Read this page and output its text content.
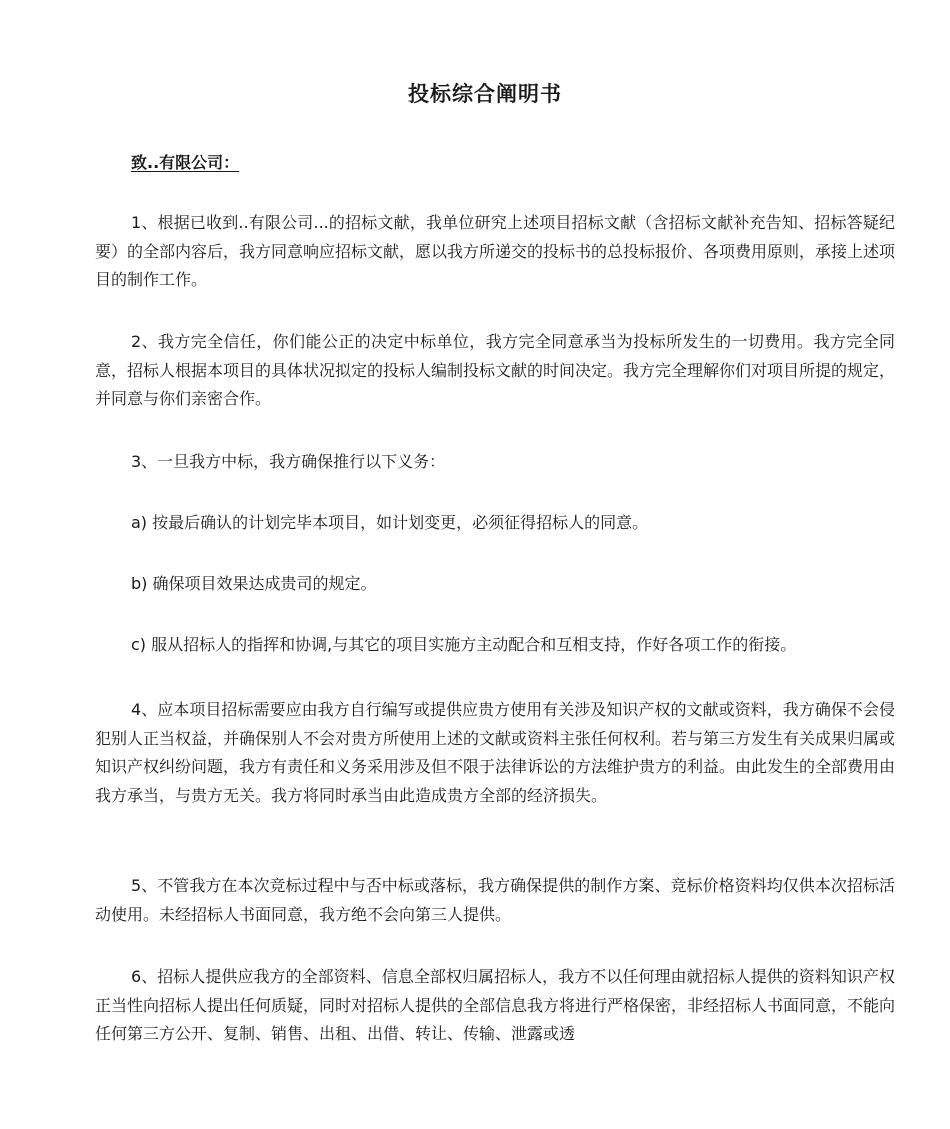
投标综合阐明书
致..有限公司：

1、根据已收到..有限公司...的招标文献，我单位研究上述项目招标文献（含招标文献补充告知、招标答疑纪要）的全部内容后，我方同意响应招标文献，愿以我方所递交的投标书的总投标报价、各项费用原则，承接上述项目的制作工作。

2、我方完全信任，你们能公正的决定中标单位，我方完全同意承当为投标所发生的一切费用。我方完全同意，招标人根据本项目的具体状况拟定的投标人编制投标文献的时间决定。我方完全理解你们对项目所提的规定，并同意与你们亲密合作。

3、一旦我方中标，我方确保推行以下义务：

a) 按最后确认的计划完毕本项目，如计划变更，必须征得招标人的同意。

b) 确保项目效果达成贵司的规定。

c) 服从招标人的指挥和协调,与其它的项目实施方主动配合和互相支持，作好各项工作的衔接。

4、应本项目招标需要应由我方自行编写或提供应贵方使用有关涉及知识产权的文献或资料，我方确保不会侵犯别人正当权益，并确保别人不会对贵方所使用上述的文献或资料主张任何权利。若与第三方发生有关成果归属或知识产权纠纷问题，我方有责任和义务采用涉及但不限于法律诉讼的方法维护贵方的利益。由此发生的全部费用由我方承当，与贵方无关。我方将同时承当由此造成贵方全部的经济损失。

5、不管我方在本次竞标过程中与否中标或落标，我方确保提供的制作方案、竞标价格资料均仅供本次招标活动使用。未经招标人书面同意，我方绝不会向第三人提供。

6、招标人提供应我方的全部资料、信息全部权归属招标人，我方不以任何理由就招标人提供的资料知识产权正当性向招标人提出任何质疑，同时对招标人提供的全部信息我方将进行严格保密，非经招标人书面同意，不能向任何第三方公开、复制、销售、出租、出借、转让、传输、泄露或透
